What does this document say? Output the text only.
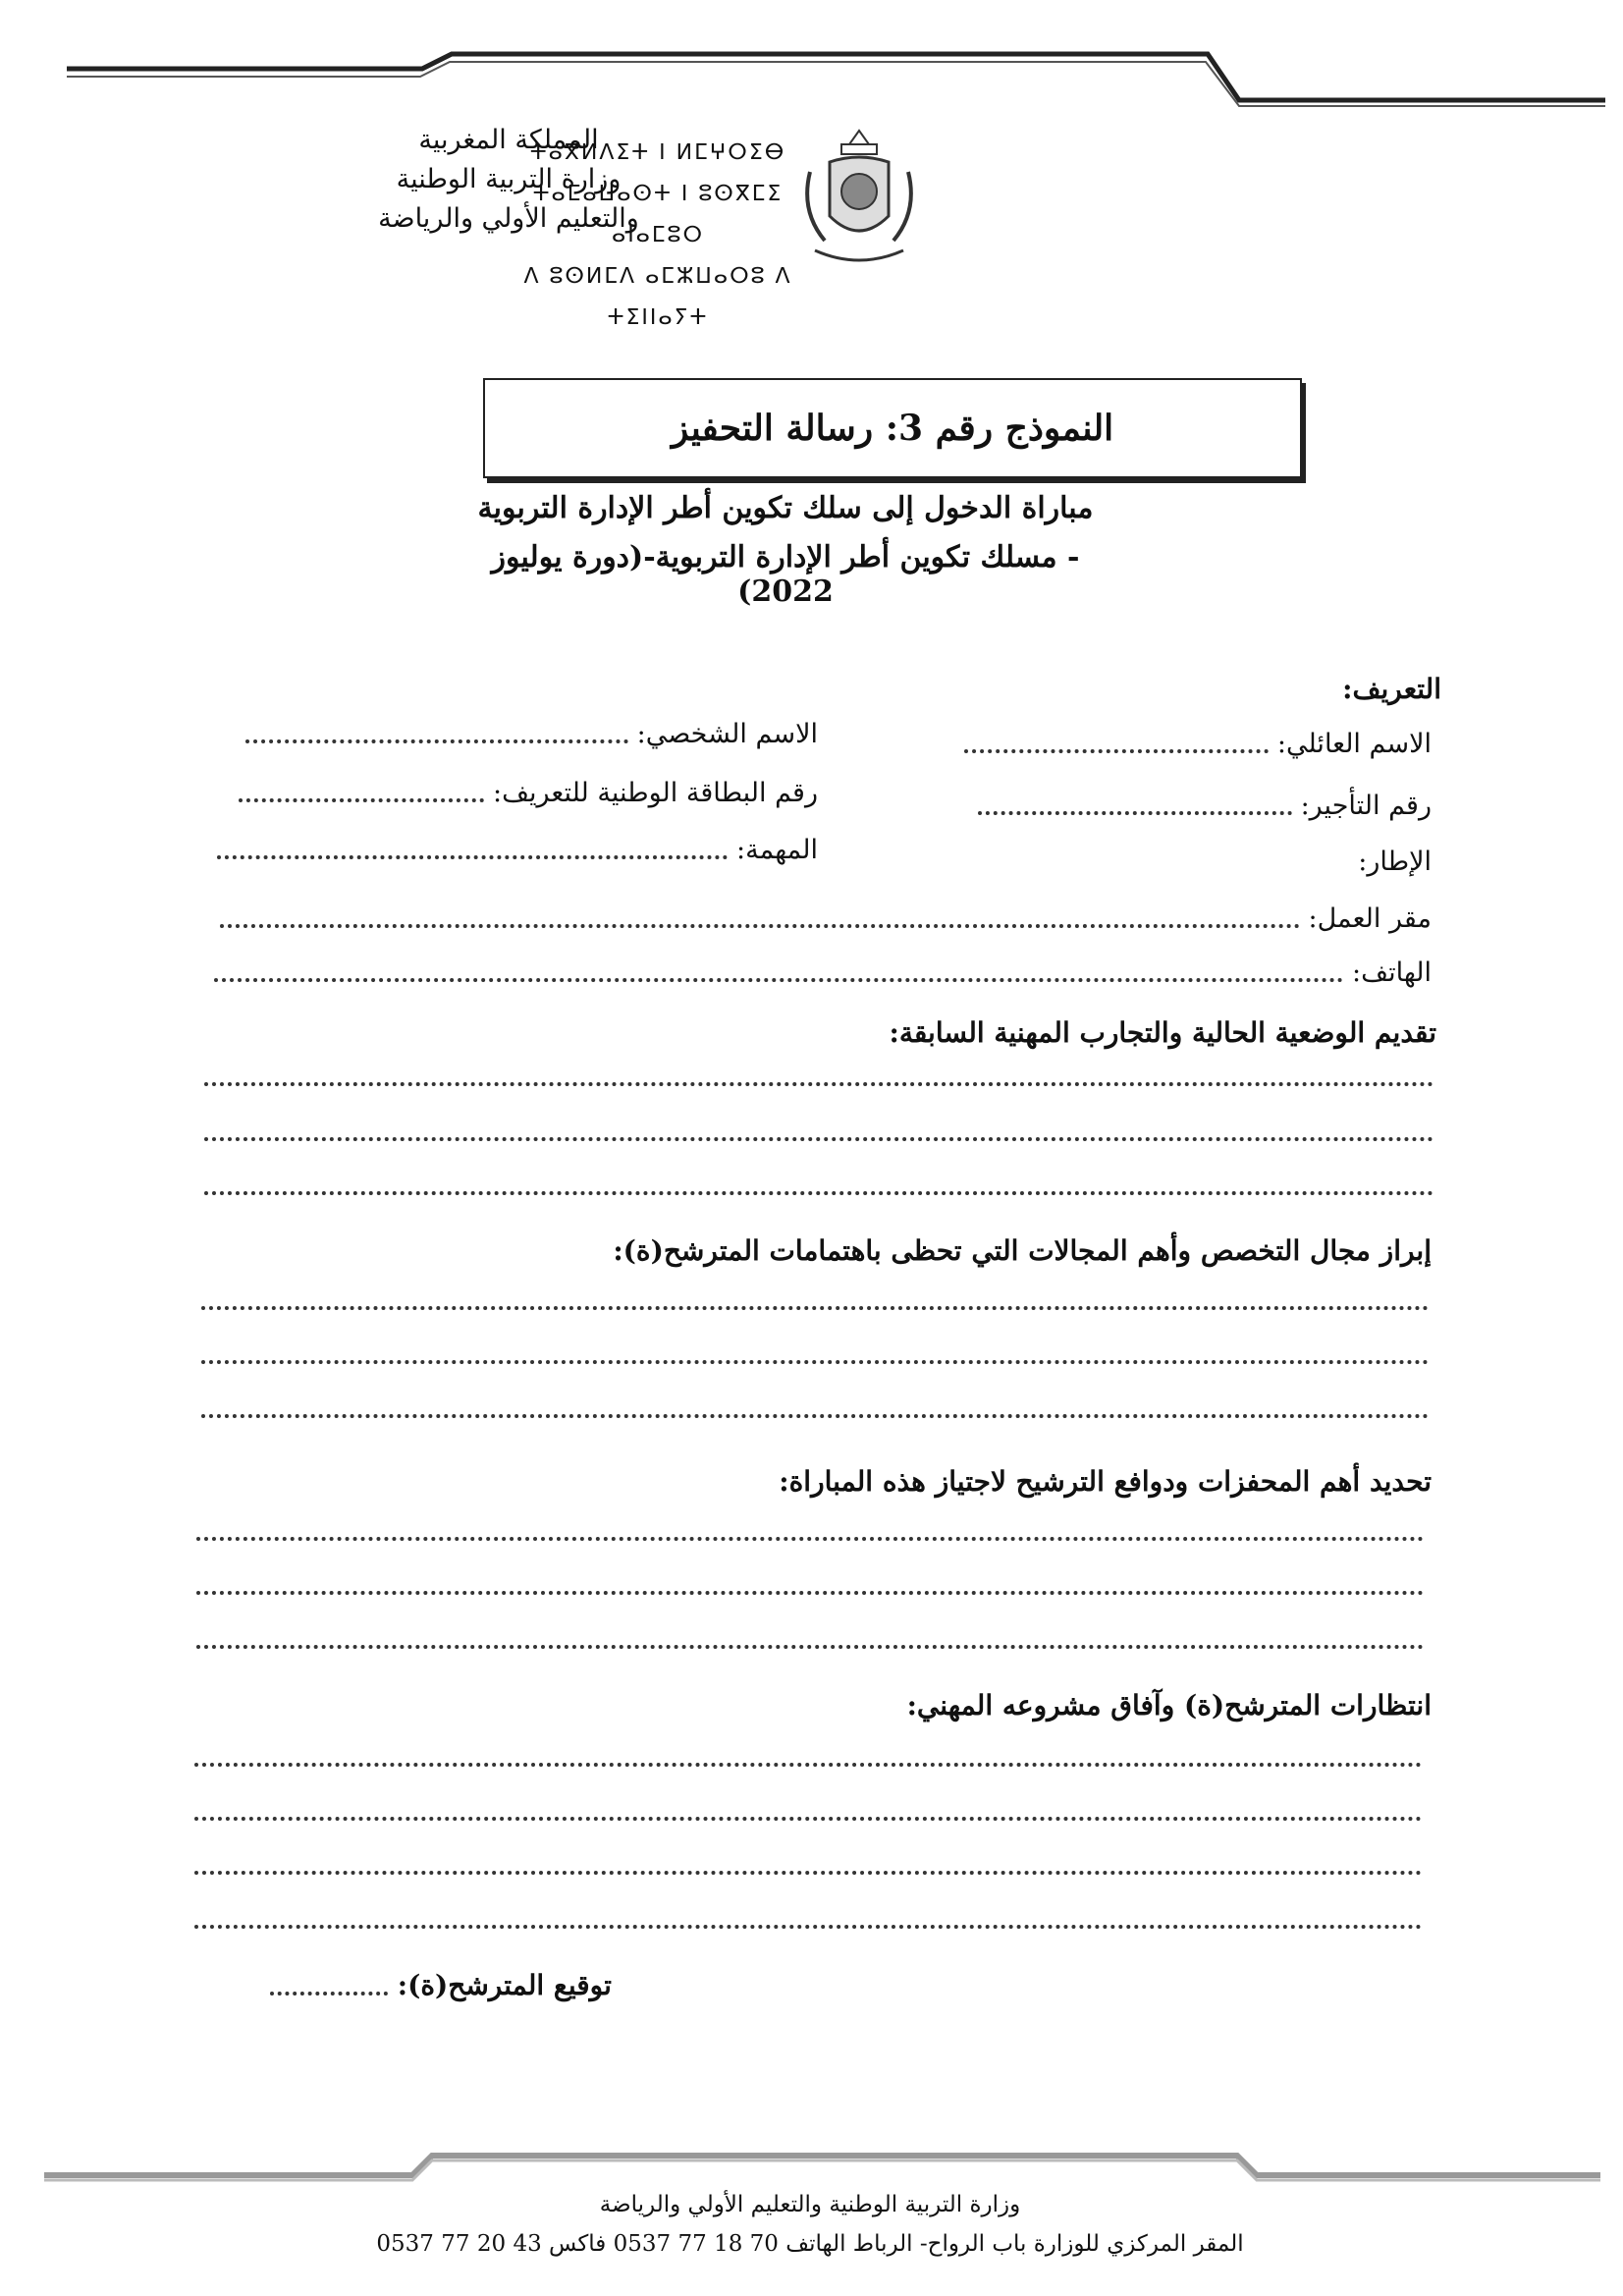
ⵜⴰⴳⵍⴷⵉⵜ ⵏ ⵍⵎⵖⵔⵉⴱ
ⵜⴰⵎⴰⵡⴰⵙⵜ ⵏ ⵓⵙⴳⵎⵉ ⴰⵏⴰⵎⵓⵔ
ⴷ ⵓⵙⵍⵎⴷ ⴰⵎⵣⵡⴰⵔⵓ ⴷ ⵜⵉⵏⵏⴰⵢⵜ
المملكة المغربية
وزارة التربية الوطنية
والتعليم الأولي والرياضة
النموذج رقم 3: رسالة التحفيز
مباراة الدخول إلى سلك تكوين أطر الإدارة التربوية
- مسلك تكوين أطر الإدارة التربوية-(دورة يوليوز 2022)
التعريف:
الاسم العائلي:
الاسم الشخصي:
رقم التأجير:
رقم البطاقة الوطنية للتعريف:
الإطار:
المهمة:
مقر العمل:
الهاتف:
تقديم الوضعية الحالية والتجارب المهنية السابقة:
إبراز مجال التخصص وأهم المجالات التي تحظى باهتمامات المترشح(ة):
تحديد أهم المحفزات ودوافع الترشيح لاجتياز هذه المباراة:
انتظارات المترشح(ة) وآفاق مشروعه المهني:
توقيع المترشح(ة):
وزارة التربية الوطنية والتعليم الأولي والرياضة
المقر المركزي للوزارة باب الرواح- الرباط الهاتف 70 18 77 0537 فاكس 43 20 77 0537
